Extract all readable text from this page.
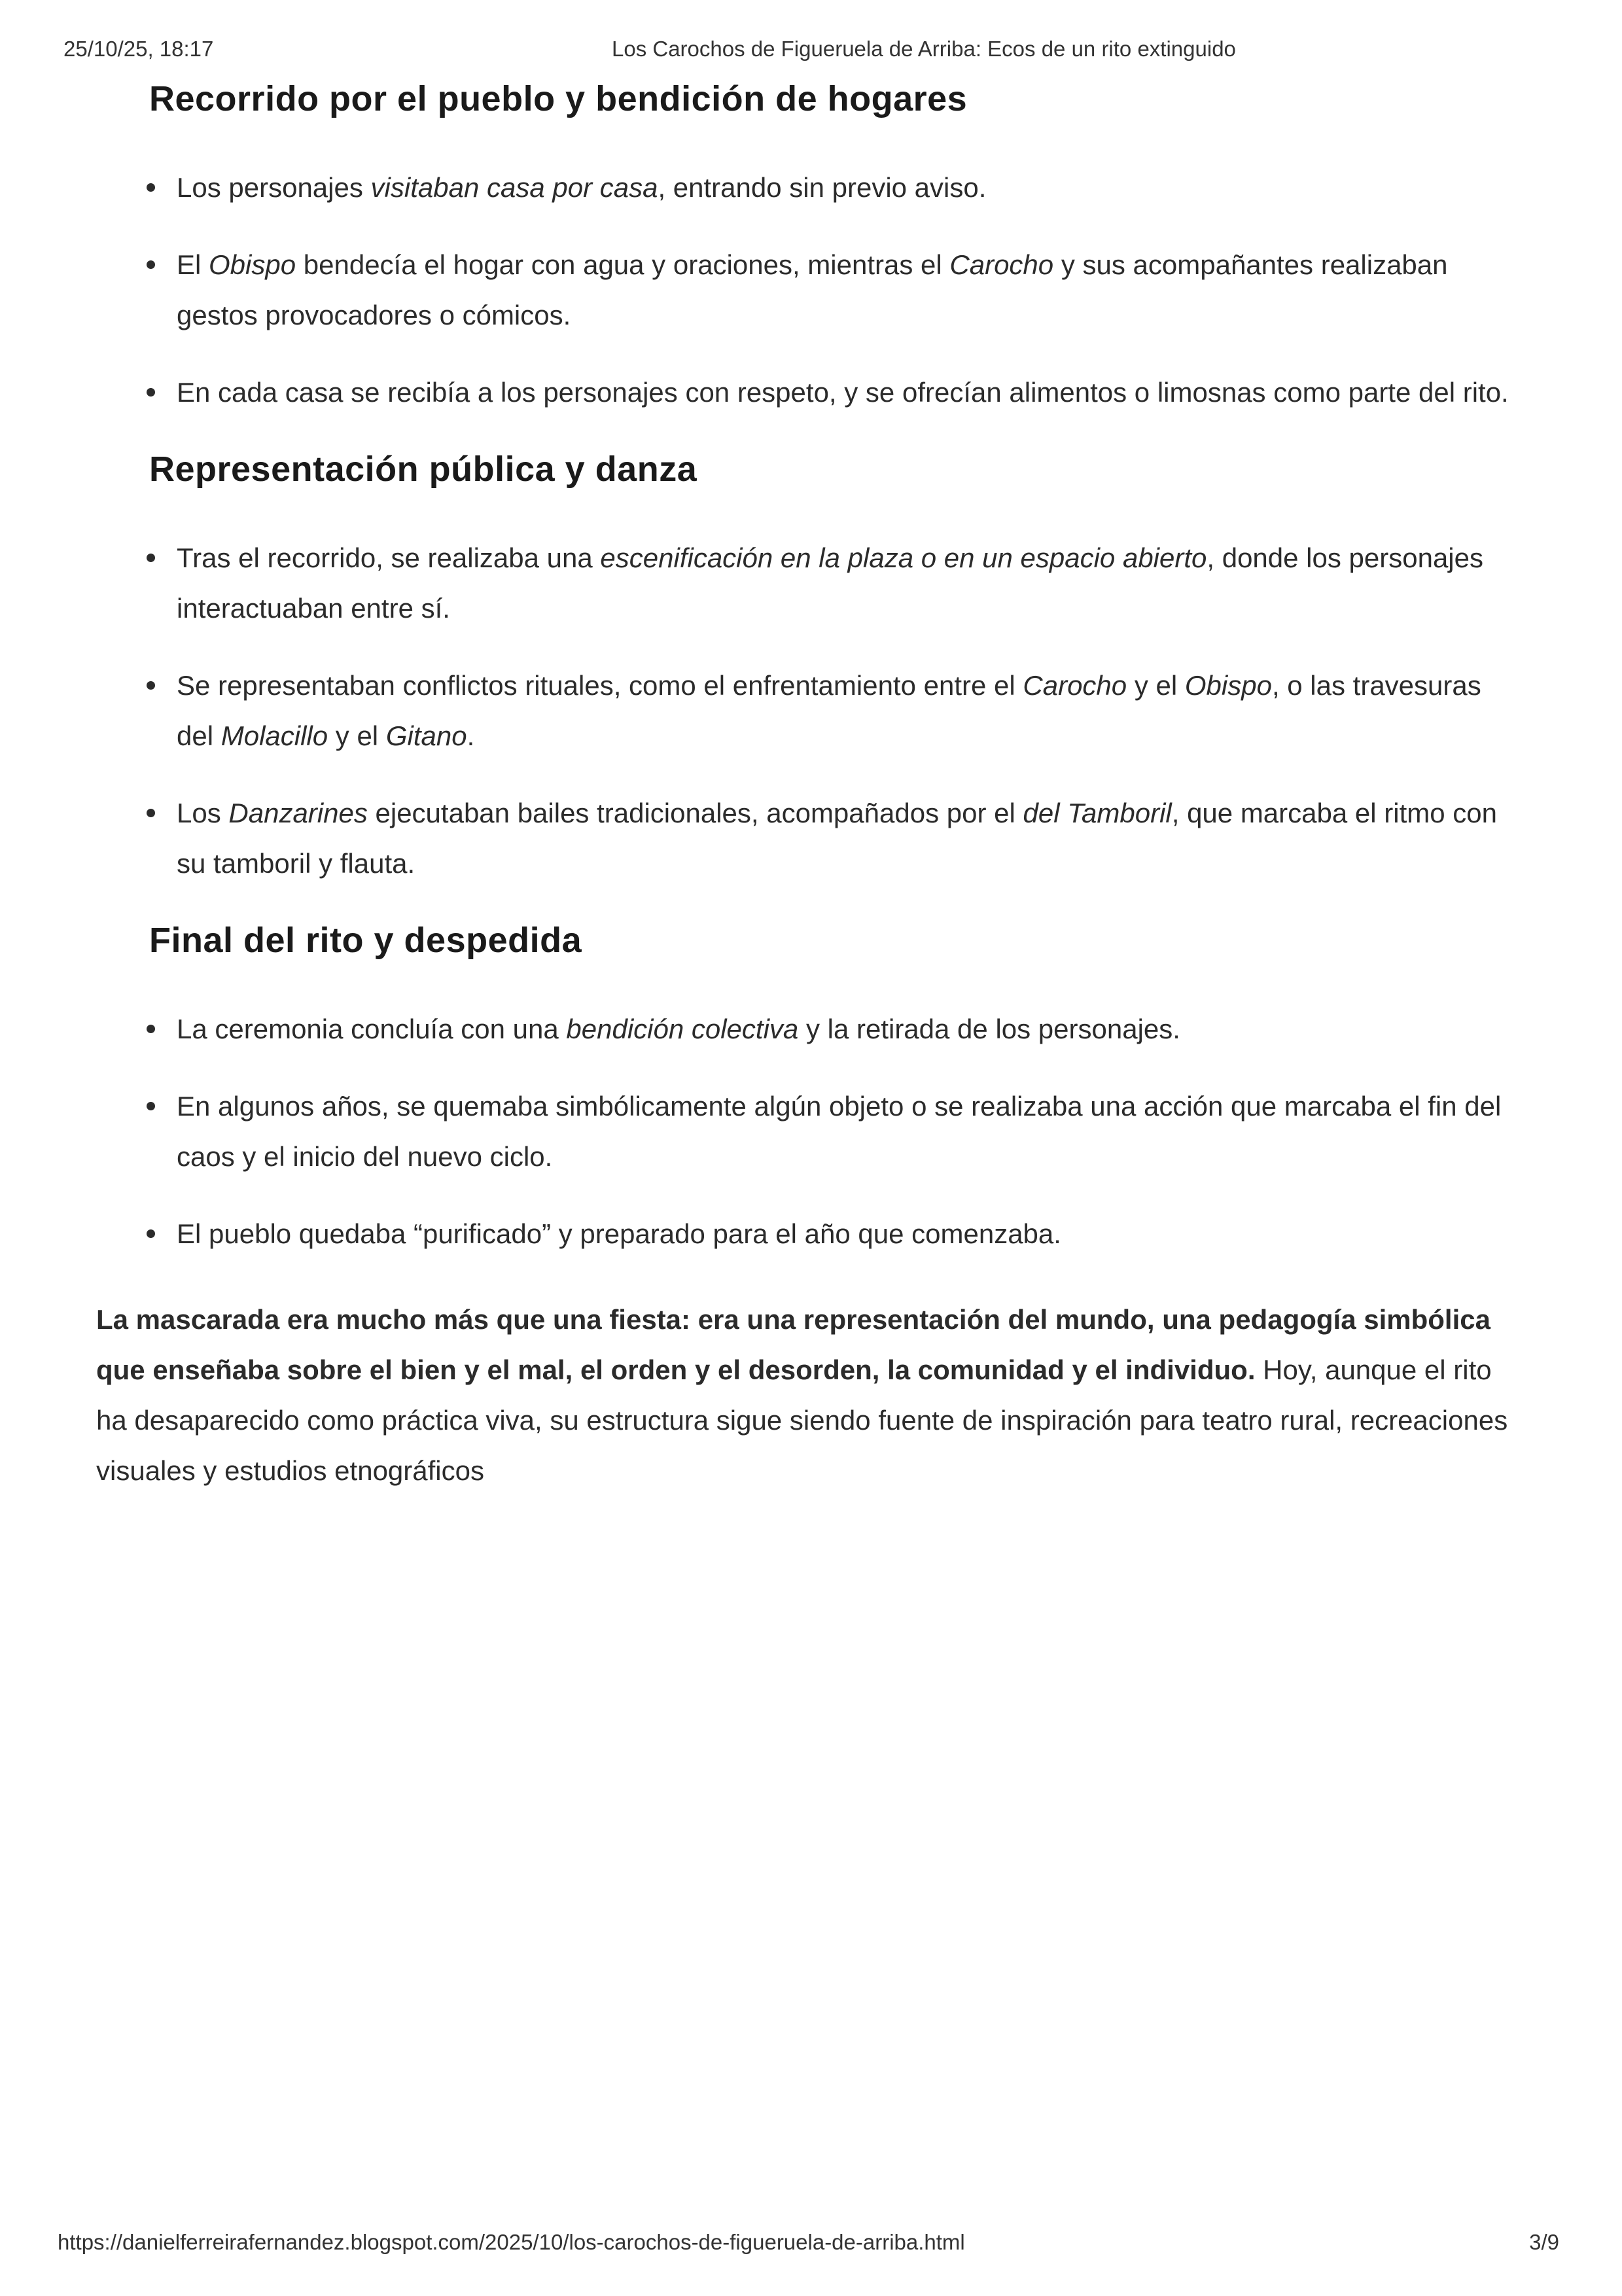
25/10/25, 18:17	Los Carochos de Figueruela de Arriba: Ecos de un rito extinguido
Recorrido por el pueblo y bendición de hogares
Los personajes visitaban casa por casa, entrando sin previo aviso.
El Obispo bendecía el hogar con agua y oraciones, mientras el Carocho y sus acompañantes realizaban gestos provocadores o cómicos.
En cada casa se recibía a los personajes con respeto, y se ofrecían alimentos o limosnas como parte del rito.
Representación pública y danza
Tras el recorrido, se realizaba una escenificación en la plaza o en un espacio abierto, donde los personajes interactuaban entre sí.
Se representaban conflictos rituales, como el enfrentamiento entre el Carocho y el Obispo, o las travesuras del Molacillo y el Gitano.
Los Danzarines ejecutaban bailes tradicionales, acompañados por el del Tamboril, que marcaba el ritmo con su tamboril y flauta.
Final del rito y despedida
La ceremonia concluía con una bendición colectiva y la retirada de los personajes.
En algunos años, se quemaba simbólicamente algún objeto o se realizaba una acción que marcaba el fin del caos y el inicio del nuevo ciclo.
El pueblo quedaba “purificado” y preparado para el año que comenzaba.

La mascarada era mucho más que una fiesta: era una representación del mundo, una pedagogía simbólica que enseñaba sobre el bien y el mal, el orden y el desorden, la comunidad y el individuo. Hoy, aunque el rito ha desaparecido como práctica viva, su estructura sigue siendo fuente de inspiración para teatro rural, recreaciones visuales y estudios etnográficos

https://danielferreirafernandez.blogspot.com/2025/10/los-carochos-de-figueruela-de-arriba.html	3/9
